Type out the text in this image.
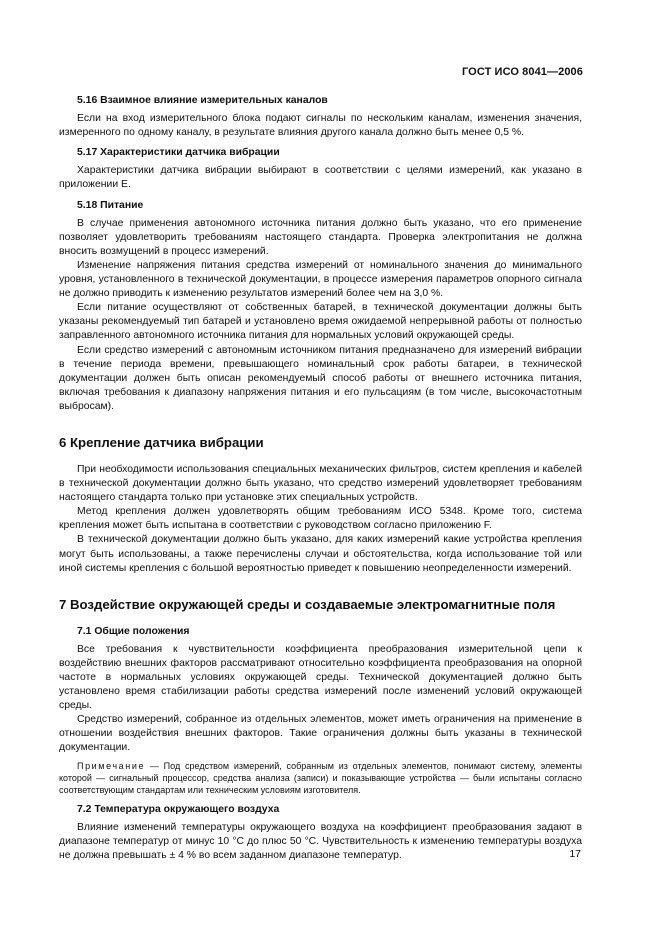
ГОСТ ИСО 8041—2006
5.16 Взаимное влияние измерительных каналов

Если на вход измерительного блока подают сигналы по нескольким каналам, изменения значения, измеренного по одному каналу, в результате влияния другого канала должно быть менее 0,5 %.

5.17 Характеристики датчика вибрации

Характеристики датчика вибрации выбирают в соответствии с целями измерений, как указано в приложении Е.

5.18 Питание

В случае применения автономного источника питания должно быть указано, что его применение позволяет удовлетворить требованиям настоящего стандарта. Проверка электропитания не должна вносить возмущений в процесс измерений.

Изменение напряжения питания средства измерений от номинального значения до минимального уровня, установленного в технической документации, в процессе измерения параметров опорного сигнала не должно приводить к изменению результатов измерений более чем на 3,0 %.

Если питание осуществляют от собственных батарей, в технической документации должны быть указаны рекомендуемый тип батарей и установлено время ожидаемой непрерывной работы от полностью заправленного автономного источника питания для нормальных условий окружающей среды.

Если средство измерений с автономным источником питания предназначено для измерений вибрации в течение периода времени, превышающего номинальный срок работы батареи, в технической документации должен быть описан рекомендуемый способ работы от внешнего источника питания, включая требования к диапазону напряжения питания и его пульсациям (в том числе, высокочастотным выбросам).

6 Крепление датчика вибрации

При необходимости использования специальных механических фильтров, систем крепления и кабелей в технической документации должно быть указано, что средство измерений удовлетворяет требованиям настоящего стандарта только при установке этих специальных устройств.

Метод крепления должен удовлетворять общим требованиям ИСО 5348. Кроме того, система крепления может быть испытана в соответствии с руководством согласно приложению F.

В технической документации должно быть указано, для каких измерений какие устройства крепления могут быть использованы, а также перечислены случаи и обстоятельства, когда использование той или иной системы крепления с большой вероятностью приведет к повышению неопределенности измерений.

7 Воздействие окружающей среды и создаваемые электромагнитные поля
7.1 Общие положения

Все требования к чувствительности коэффициента преобразования измерительной цепи к воздействию внешних факторов рассматривают относительно коэффициента преобразования на опорной частоте в нормальных условиях окружающей среды. Технической документацией должно быть установлено время стабилизации работы средства измерений после изменений условий окружающей среды.

Средство измерений, собранное из отдельных элементов, может иметь ограничения на применение в отношении воздействия внешних факторов. Такие ограничения должны быть указаны в технической документации.

Примечание — Под средством измерений, собранным из отдельных элементов, понимают систему, элементы которой — сигнальный процессор, средства анализа (записи) и показывающие устройства — были испытаны согласно соответствующим стандартам или техническим условиям изготовителя.
7.2 Температура окружающего воздуха

Влияние изменений температуры окружающего воздуха на коэффициент преобразования задают в диапазоне температур от минус 10 °С до плюс 50 °С. Чувствительность к изменению температуры воздуха не должна превышать ± 4 % во всем заданном диапазоне температур.	17
